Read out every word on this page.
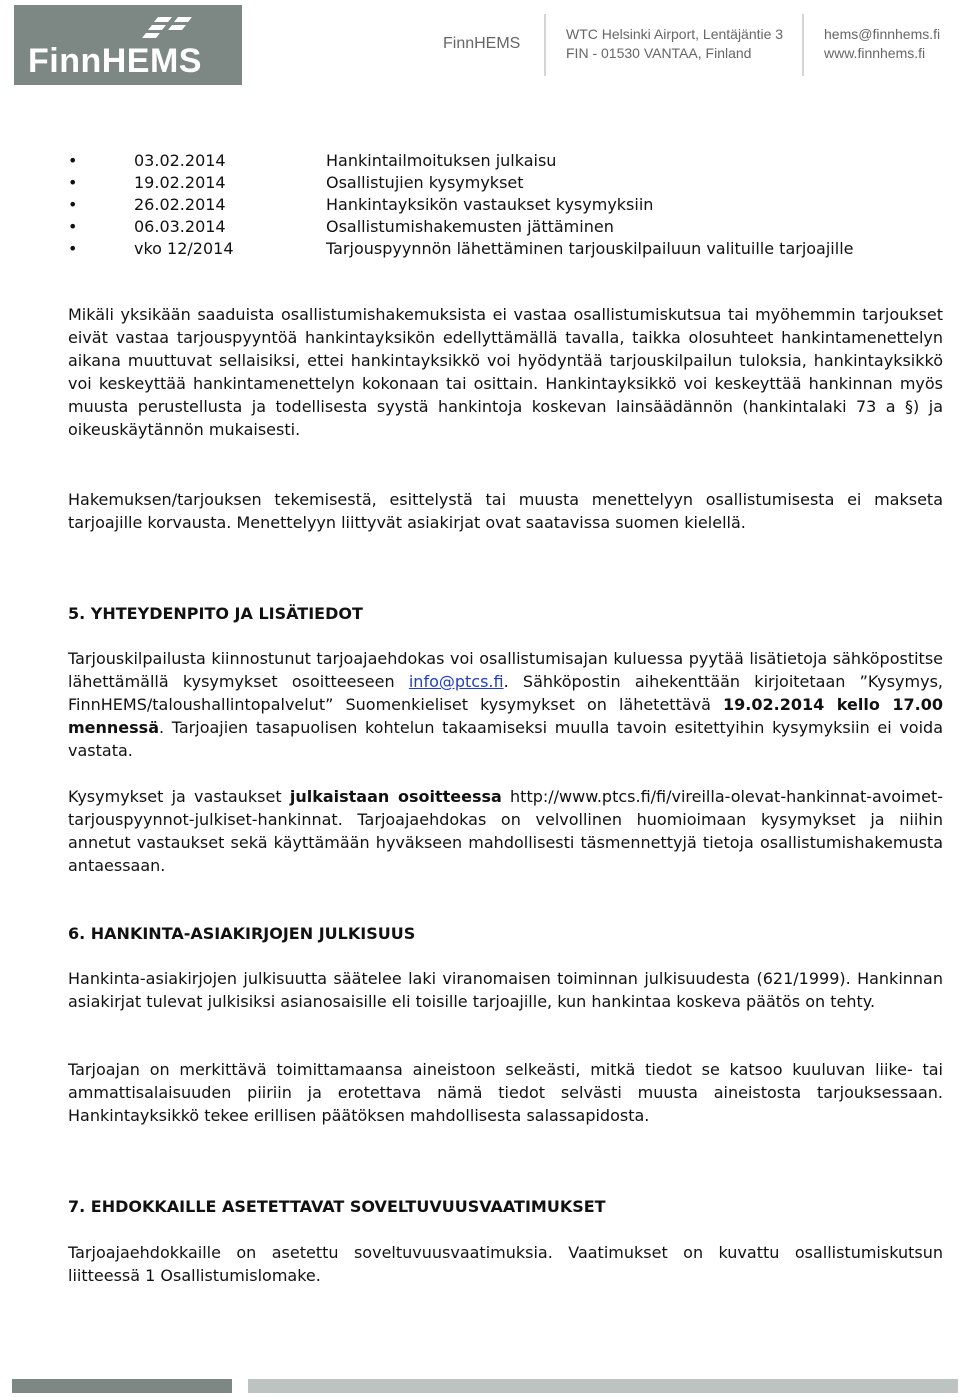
FinnHEMS	FinnHEMS
WTC Helsinki Airport, Lentäjäntie 3
FIN - 01530 VANTAA, Finland
hems@finnhems.fi
www.finnhems.fi
•	03.02.2014	Hankintailmoituksen julkaisu
•	19.02.2014	Osallistujien kysymykset
•	26.02.2014	Hankintayksikön vastaukset kysymyksiin
•	06.03.2014	Osallistumishakemusten jättäminen
•	vko 12/2014	Tarjouspyynnön lähettäminen tarjouskilpailuun valituille tarjoajille

Mikäli yksikään saaduista osallistumishakemuksista ei vastaa osallistumiskutsua tai myöhemmin tarjoukset eivät vastaa tarjouspyyntöä hankintayksikön edellyttämällä tavalla, taikka olosuhteet hankintamenettelyn aikana muuttuvat sellaisiksi, ettei hankintayksikkö voi hyödyntää tarjouskilpailun tuloksia, hankintayksikkö voi keskeyttää hankintamenettelyn kokonaan tai osittain. Hankintayksikkö voi keskeyttää hankinnan myös muusta perustellusta ja todellisesta syystä hankintoja koskevan lainsäädännön (hankintalaki 73 a §) ja oikeuskäytännön mukaisesti.

Hakemuksen/tarjouksen tekemisestä, esittelystä tai muusta menettelyyn osallistumisesta ei makseta tarjoajille korvausta. Menettelyyn liittyvät asiakirjat ovat saatavissa suomen kielellä.

5. YHTEYDENPITO JA LISÄTIEDOT

Tarjouskilpailusta kiinnostunut tarjoajaehdokas voi osallistumisajan kuluessa pyytää lisätietoja sähköpostitse lähettämällä kysymykset osoitteeseen info@ptcs.fi. Sähköpostin aihekenttään kirjoitetaan ”Kysymys, FinnHEMS/taloushallintopalvelut” Suomenkieliset kysymykset on lähetettävä 19.02.2014 kello 17.00 mennessä. Tarjoajien tasapuolisen kohtelun takaamiseksi muulla tavoin esitettyihin kysymyksiin ei voida vastata.

Kysymykset ja vastaukset julkaistaan osoitteessa http://www.ptcs.fi/fi/vireilla-olevat-hankinnat-avoimet-tarjouspyynnot-julkiset-hankinnat. Tarjoajaehdokas on velvollinen huomioimaan kysymykset ja niihin annetut vastaukset sekä käyttämään hyväkseen mahdollisesti täsmennettyjä tietoja osallistumishakemusta antaessaan.

6. HANKINTA-ASIAKIRJOJEN JULKISUUS

Hankinta-asiakirjojen julkisuutta säätelee laki viranomaisen toiminnan julkisuudesta (621/1999). Hankinnan asiakirjat tulevat julkisiksi asianosaisille eli toisille tarjoajille, kun hankintaa koskeva päätös on tehty.

Tarjoajan on merkittävä toimittamaansa aineistoon selkeästi, mitkä tiedot se katsoo kuuluvan liike- tai ammattisalaisuuden piiriin ja erotettava nämä tiedot selvästi muusta aineistosta tarjouksessaan. Hankintayksikkö tekee erillisen päätöksen mahdollisesta salassapidosta.

7. EHDOKKAILLE ASETETTAVAT SOVELTUVUUSVAATIMUKSET

Tarjoajaehdokkaille on asetettu soveltuvuusvaatimuksia. Vaatimukset on kuvattu osallistumiskutsun liitteessä 1 Osallistumislomake.
